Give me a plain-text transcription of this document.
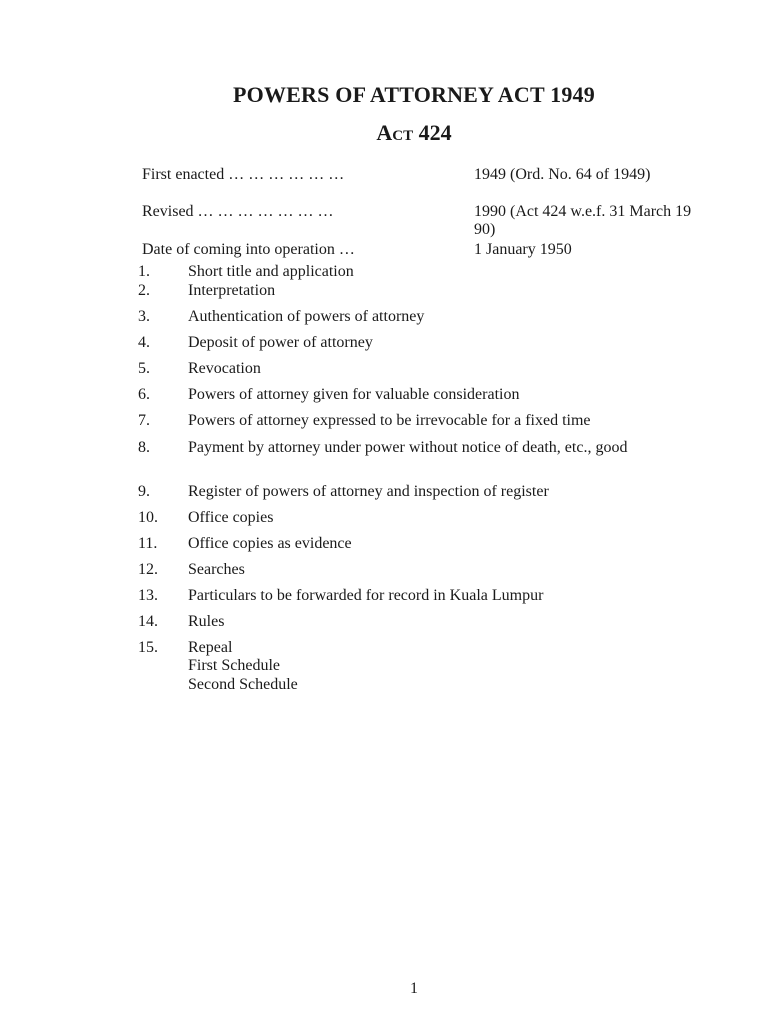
POWERS OF ATTORNEY ACT 1949
Act 424
First enacted … … … … … …	1949 (Ord. No. 64 of 1949)
Revised … … … … … … …	1990 (Act 424 w.e.f. 31 March 1990)
Date of coming into operation …	1 January 1950
1. Short title and application
2. Interpretation
3. Authentication of powers of attorney
4. Deposit of power of attorney
5. Revocation
6. Powers of attorney given for valuable consideration
7. Powers of attorney expressed to be irrevocable for a fixed time
8. Payment by attorney under power without notice of death, etc., good
9. Register of powers of attorney and inspection of register
10. Office copies
11. Office copies as evidence
12. Searches
13. Particulars to be forwarded for record in Kuala Lumpur
14. Rules
15. Repeal
First Schedule
Second Schedule
1
